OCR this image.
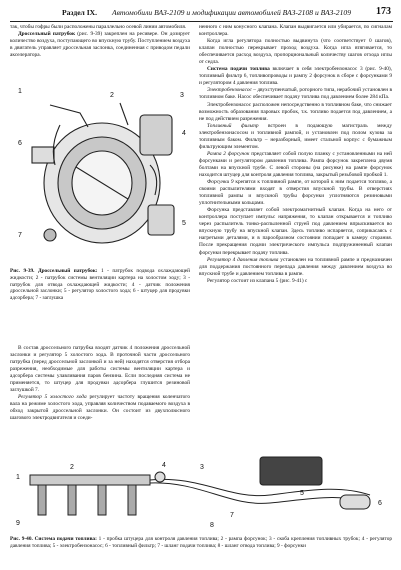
Раздел IX. Автомобили ВАЗ-2109 и модификации автомобилей ВАЗ-2108 и ВАЗ-2109	173

так, чтобы гофры были расположены параллельно осевой линии автомобиля.

Дроссельный патрубок (рис. 9-39) закреплен на ресивере. Он дозирует количество воздуха, поступающего во впускную трубу. Поступлением воздуха в двигатель управляет дроссельная заслонка, соединенная с приводом педали акселератора.

1
2	3
4
5
6
7
Рис. 9-39. Дроссельный патрубок: 1 - патрубок подвода охлаждающей жидкости; 2 - патрубок системы вентиляции картера на холостом ходу; 3 - патрубок для отвода охлаждающей жидкости; 4 - датчик положения дроссельной заслонки; 5 - регулятор холостого хода; 6 - штуцер для продувки адсорбера; 7 - заглушка

В состав дроссельного патрубка входят датчик 4 положения дроссельной заслонки и регулятор 5 холостого хода. В проточной части дроссельного патрубка (перед дроссельной заслонкой и за ней) находятся отверстия отбора разрежения, необходимые для работы системы вентиляции картера и адсорбера системы улавливания паров бензина. Если последняя система не применяется, то штуцер для продувки адсорбера глушится резиновой заглушкой 7.

Регулятор 5 холостого хода регулирует частоту вращения коленчатого вала на режиме холостого хода, управляя количеством подаваемого воздуха в обход закрытой дроссельной заслонки. Он состоит из двухполюсного шагового электродвигателя и соеди-

ненного с ним конусного клапана. Клапан выдвигается или убирается, по сигналам контроллера.

Когда игла регулятора полностью выдвинута (что соответствует 0 шагов), клапан полностью перекрывает проход воздуха. Когда игла втягивается, то обеспечивается расход воздуха, пропорциональный количеству шагов отхода иглы от седла.

Система подачи топлива включает в себя электробензонасос 3 (рис. 9-40), топливный фильтр 6, топливопроводы и рампу 2 форсунок в сборе с форсунками 9 и регулятором 4 давления топлива.

Электробензонасос – двухступенчатый, роторного типа, нерабочий установлен в топливном баке. Насос обеспечивает подачу топлива под давлением более 284 кПа.

Электробензонасос расположен непосредственно в топливном баке, что снижает возможность образования паровых пробок, т.к. топливо подается под давлением, а не под действием разрежения.

Топливный фильтр встроен в подающую магистраль между электробензонасосом и топливной рампой, и установлен под полом кузова за топливным баком. Фильтр – неразборный, имеет стальной корпус с бумажным фильтрующим элементом.

Рампа 2 форсунок представляет собой полую планку с установленными на ней форсунками и регулятором давления топлива. Рампа форсунок закреплена двумя болтами на впускной трубе. С левой стороны (на рисунке) на рампе форсунок находится штуцер для контроля давления топлива, закрытый резьбовой пробкой 1.

Форсунки 9 крепятся к топливной рампе, от которой к ним подается топливо, а своими распылителями входят в отверстия впускной трубы. В отверстиях топливной рампы и впускной трубы форсунки уплотняются резиновыми уплотнительными кольцами.

Форсунка представляет собой электромагнитный клапан. Когда на него от контроллера поступает импульс напряжения, то клапан открывается и топливо через распылитель тонко-распыленной струей под давлением впрыскивается во впускную трубу на впускной клапан. Здесь топливо испаряется, соприкасаясь с нагретыми деталями, и в парообразном состоянии попадает в камеру сгорания. После прекращения подачи электрического импульса подпружиненный клапан форсунки перекрывает подачу топлива.

Регулятор 4 давления топлива установлен на топливной рампе и предназначен для поддержания постоянного перепада давления между давлением воздуха во впускной трубе и давлением топлива в рампе.

Регулятор состоит из клапана 5 (рис. 9-41) с

1
2	3
4
5
6
7
8
9
Рис. 9-40. Система подачи топлива: 1 - пробка штуцера для контроля давления топлива; 2 - рампа форсунок; 3 - скоба крепления топливных трубок; 4 - регулятор давления топлива; 5 - электробензонасос; 6 - топливный фильтр; 7 - шланг подачи топлива; 8 - шланг отвода топлива; 9 - форсунки
